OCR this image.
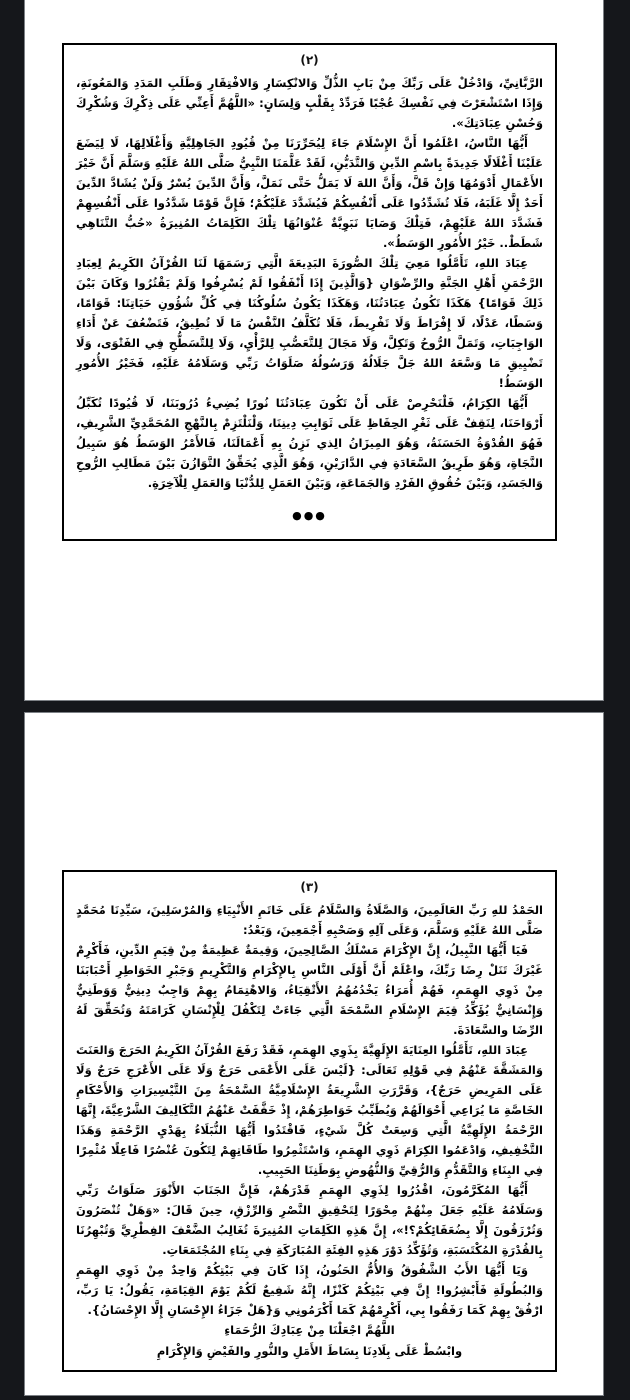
(٢)

الرَّبَّانِيِّ، وَادْخُلْ عَلَى رَبِّكَ مِنْ بَابِ الذُّلِّ وَالانْكِسَارِ وَالافْتِقَارِ وَطَلَبِ المَدَدِ وَالمَعُونَةِ، وَإِذَا اسْتَشْعَرْتَ فِي نَفْسِكَ عُجْبًا فَرَدِّدْ بِقَلْبٍ وَلِسَانٍ: «اللَّهُمَّ أَعِنِّي عَلَى ذِكْرِكَ وَشُكْرِكَ وَحُسْنِ عِبَادَتِكَ».

أَيُّهَا النَّاسُ، اعْلَمُوا أَنَّ الإِسْلَامَ جَاءَ لِيُحَرِّرَنَا مِنْ قُيُودِ الجَاهِلِيَّةِ وَأَغْلَالِهَا، لَا لِيَضَعَ عَلَيْنَا أَغْلَالًا جَدِيدَةً بِاسْمِ الدِّينِ وَالتَّدَيُّنِ، لَقَدْ عَلَّمَنَا النَّبِيُّ صَلَّى اللهُ عَلَيْهِ وَسَلَّمَ أَنَّ خَيْرَ الأَعْمَالِ أَدْوَمُهَا وَإِنْ قَلَّ، وَأَنَّ اللهَ لَا يَمَلُّ حَتَّى نَمَلَّ، وَأَنَّ الدِّينَ يُسْرٌ وَلَنْ يُشَادَّ الدِّينَ أَحَدٌ إِلَّا غَلَبَهُ، فَلَا تُشَدِّدُوا عَلَى أَنْفُسِكُمْ فَيُشَدَّدَ عَلَيْكُمْ؛ فَإِنَّ قَوْمًا شَدَّدُوا عَلَى أَنْفُسِهِمْ فَشَدَّدَ اللهُ عَلَيْهِمْ، فَتِلْكَ وَصَايَا نَبَوِيَّةٌ عُنْوَانُهَا تِلْكَ الكَلِمَاتُ المُنِيرَةُ «حُبُّ التَّنَاهِي شَطَطْ.. خَيْرُ الأُمُورِ الوَسَطُ».

عِبَادَ اللهِ، تَأَمَّلُوا مَعِيَ تِلْكَ الصُّورَةَ البَدِيعَةَ الَّتِي رَسَمَهَا لَنَا القُرْآنُ الكَرِيمُ لِعِبَادِ الرَّحْمَنِ أَهْلِ الجَنَّةِ والرِّضْوَانِ {وَالَّذِينَ إِذَا أَنْفَقُوا لَمْ يُسْرِفُوا وَلَمْ يَقْتُرُوا وَكَانَ بَيْنَ ذَلِكَ قَوَامًا} هَكَذَا تَكُونُ عِبَادَتُنَا، وَهَكَذَا يَكُونُ سُلُوكُنَا فِي كُلِّ شُؤُونِ حَيَاتِنَا: قَوَامًا، وَسَطًا، عَدْلًا، لَا إِفْرَاطَ وَلَا تَفْرِيطَ، فَلَا تُكَلَّفُ النَّفْسُ مَا لَا تُطِيقُ، فَتَضْعُفَ عَنْ أَدَاءِ الوَاجِبَاتِ، وَتَمَلَّ الرُّوحُ وَتَكِلَّ، وَلَا مَجَالَ لِلتَّعَصُّبِ لِلرَّأْيِ، وَلَا لِلتَّسَطُّحِ فِي الفَتْوَى، وَلَا تَضْيِيقِ مَا وَسَّعَهُ اللهُ جَلَّ جَلَالُهُ وَرَسُولُهُ صَلَوَاتُ رَبِّي وَسَلَامُهُ عَلَيْهِ، فَخَيْرُ الأُمُورِ الوَسَطُ!

أَيُّهَا الكِرَامُ، فَلْنَحْرِصْ عَلَى أَنْ تَكُونَ عِبَادَتُنَا نُورًا يُضِيءُ دُرُوبَنَا، لَا قُيُودًا تُكَبِّلُ أَرْوَاحَنَا، لِنَقِفْ عَلَى ثَغْرِ الحِفَاظِ عَلَى ثَوَابِتِ دِينِنَا، وَلْنَلْتَزِمْ بِالنَّهْجِ المُحَمَّدِيِّ الشَّرِيفِ، فَهُوَ القُدْوَةُ الحَسَنَةُ، وَهُوَ المِيزَانُ الِذي نَزِنُ بِهِ أَعْمَالَنَا، فَالأَمْرُ الوَسَطُ هُوَ سَبِيلُ النَّجَاةِ، وَهُوَ طَرِيقُ السَّعَادَةِ فِي الدَّارَيْنِ، وَهُوَ الَّذِي يُحَقِّقُ التَّوَازُنَ بَيْنَ مَطَالِبِ الرُّوحِ وَالجَسَدِ، وَبَيْنَ حُقُوقِ الفَرْدِ وَالجَمَاعَةِ، وَبَيْنَ العَمَلِ لِلدُّنْيَا وَالعَمَلِ لِلْآخِرَةِ.

●●●
(٣)

الحَمْدُ للهِ رَبِّ العَالَمِينَ، وَالصَّلَاةُ وَالسَّلَامُ عَلَى خَاتَمِ الأَنْبِيَاءِ وَالمُرْسَلِينَ، سَيِّدِنَا مُحَمَّدٍ صَلَّى اللهُ عَلَيْهِ وَسَلَّمَ، وَعَلَى آلِهِ وَصَحْبِهِ أَجْمَعِينَ، وَبَعْدُ:

فَيَا أَيُّهَا النَّبِيلُ، إِنَّ الإِكْرَامَ مَسْلَكُ الصَّالِحِينَ، وَقِيمَةٌ عَظِيمَةٌ مِنْ قِيَمِ الدِّينِ، فَأَكْرِمْ غَيْرَكَ تَنَلْ رِضَا رَبِّكَ، واعْلَمْ أَنَّ أَوْلَى النَّاسِ بِالإِكْرَامِ وَالتَّكْرِيمِ وَجَبْرِ الخَوَاطِرِ أَحْبَابَنَا مِنْ ذَوِي الهِمَمِ، فَهُمْ أُمَرَاءُ يَخْدُمُهُمُ الأَتْقِيَاءُ، وَالاهْتِمَامُ بِهِمْ وَاجِبٌ دِينِيٌّ وَوَطَنِيٌّ وَإِنْسَانِيٌّ يُؤَكِّدُ قِيَمَ الإِسْلَامِ السَّمْحَةَ الَّتِي جَاءَتْ لِتَكْفُلَ لِلْإِنْسَانِ كَرَامَتَهُ وَتُحَقِّقَ لَهُ الرِّضَا والسَّعَادَةَ.

عِبَادَ اللهِ، تَأَمَّلُوا العِنَايَةَ الإِلَهِيَّةَ بِذَوِي الهِمَمِ، فَقَدْ رَفَعَ القُرْآنُ الكَرِيمُ الحَرَجَ وَالعَنَتَ وَالمَشَقَّةَ عَنْهُمْ فِي قَوْلِهِ تَعَالَى: {لَيْسَ عَلَى الأَعْمَى حَرَجٌ وَلَا عَلَى الأَعْرَجِ حَرَجٌ وَلَا عَلَى المَرِيضِ حَرَجٌ}، وَقَرَّرَتِ الشَّرِيعَةُ الإِسْلَامِيَّةُ السَّمْحَةُ مِنَ التَّيْسِيرَاتِ وَالأَحْكَامِ الخَاصَّةِ مَا يُرَاعِي أَحْوَالَهُمْ وَيُطَيِّبُ خَوَاطِرَهُمْ، إِذْ خَفَّفَتْ عَنْهُمُ التَّكَالِيفَ الشَّرْعِيَّةَ، إِنَّهَا الرَّحْمَةُ الإِلَهِيَّةُ الَّتِي وَسِعَتْ كُلَّ شَيْءٍ، فَاقْتَدُوا أَيُّهَا النُّبَلَاءُ بِهَدْيِ الرَّحْمَةِ وَهَذَا التَّخْفِيفِ، وَادْعَمُوا الكِرَامَ ذَوِي الهِمَمِ، وَاسْتَثْمِرُوا طَاقَاتِهِمْ لِتَكُونَ عُنْصُرًا فَاعِلًا مُثْمِرًا فِي البِنَاءِ وَالتَّقَدُّمِ وَالرُّقِيِّ وَالنُّهُوضِ بِوَطَنِنَا الحَبِيبِ.

أَيُّهَا المُكَرَّمُونَ، اقْدُرُوا لِذَوِي الهِمَمِ قَدْرَهُمْ، فَإِنَّ الجَنَابَ الأَنْوَرَ صَلَوَاتُ رَبِّي وَسَلَامُهُ عَلَيْهِ جَعَلَ مِنْهُمْ مِحْوَرًا لِتَحْقِيقِ النَّصْرِ وَالرِّزْقِ، حِينَ قَالَ: «وَهَلْ تُنْصَرُونَ وَتُرْزَقُونَ إِلَّا بِضُعَفَائِكُمْ؟!»، إِنَّ هَذِهِ الكَلِمَاتِ المُنِيرَةَ تُغَالِبُ الضَّعْفَ الفِطْرِيَّ وَتُبْهِرُنَا بِالقُدْرَةِ المُكْتَسَبَةِ، وَتُؤَكِّدُ دَوْرَ هَذِهِ الفِئَةِ المُبَارَكَةِ فِي بِنَاءِ المُجْتَمَعَاتِ.

وَيَا أَيُّهَا الأَبُ الشَّفُوقُ وَالأُمُّ الحَنُونُ، إِذَا كَانَ فِي بَيْتِكُمْ وَاحِدٌ مِنْ ذَوِي الهِمَمِ وَالبُطُولَةِ فَأَبْشِرُوا! إِنَّ فِي بَيْتِكُمْ كَنْزًا، إِنَّهُ شَفِيعٌ لَكُمْ يَوْمَ القِيَامَةِ، يَقُولُ: يَا رَبِّ، ارْفُقْ بِهِمْ كَمَا رَفَقُوا بِي، أَكْرِمْهُمْ كَمَا أَكْرَمُونِي وَ{هَلْ جَزَاءُ الإِحْسَانِ إِلَّا الإِحْسَانُ}.

اللَّهُمَّ اجْعَلْنَا مِنْ عِبَادِكَ الرُّحَمَاءِ

وابْسُطْ عَلَى بِلَادِنَا بِسَاطَ الأَمَلِ والنُّورِ والفَيْضِ وَالإِكْرَامِ
